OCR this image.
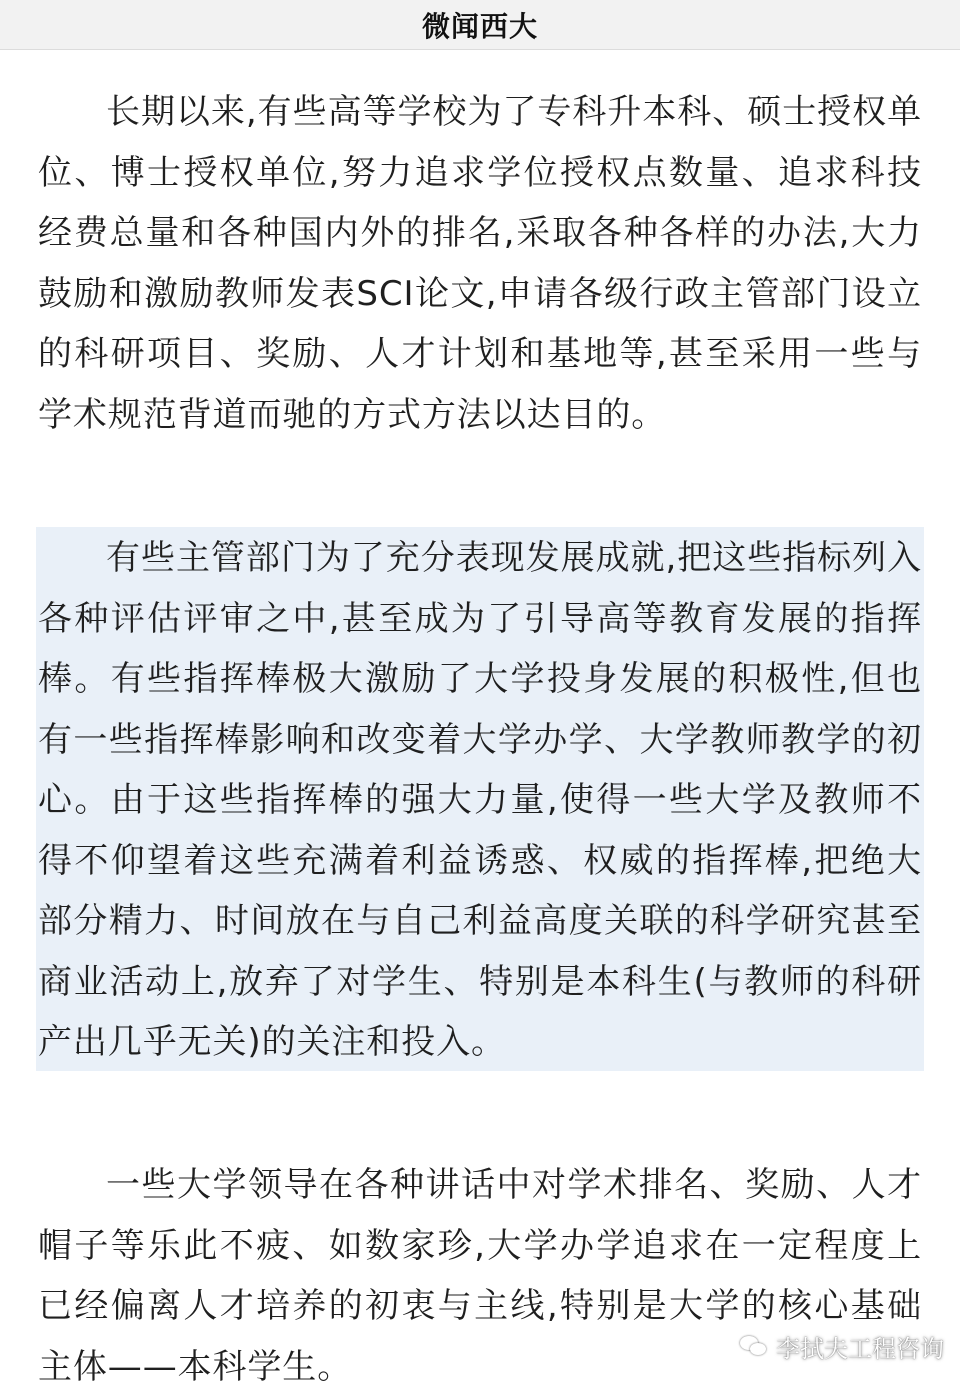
微闻西大

长期以来,有些高等学校为了专科升本科、硕士授权单位、博士授权单位,努力追求学位授权点数量、追求科技经费总量和各种国内外的排名,采取各种各样的办法,大力鼓励和激励教师发表SCI论文,申请各级行政主管部门设立的科研项目、奖励、人才计划和基地等,甚至采用一些与学术规范背道而驰的方式方法以达目的。

有些主管部门为了充分表现发展成就,把这些指标列入各种评估评审之中,甚至成为了引导高等教育发展的指挥棒。有些指挥棒极大激励了大学投身发展的积极性,但也有一些指挥棒影响和改变着大学办学、大学教师教学的初心。由于这些指挥棒的强大力量,使得一些大学及教师不得不仰望着这些充满着利益诱惑、权威的指挥棒,把绝大部分精力、时间放在与自己利益高度关联的科学研究甚至商业活动上,放弃了对学生、特别是本科生(与教师的科研产出几乎无关)的关注和投入。

一些大学领导在各种讲话中对学术排名、奖励、人才帽子等乐此不疲、如数家珍,大学办学追求在一定程度上已经偏离人才培养的初衷与主线,特别是大学的核心基础主体——本科学生。	李拭夫工程咨询
